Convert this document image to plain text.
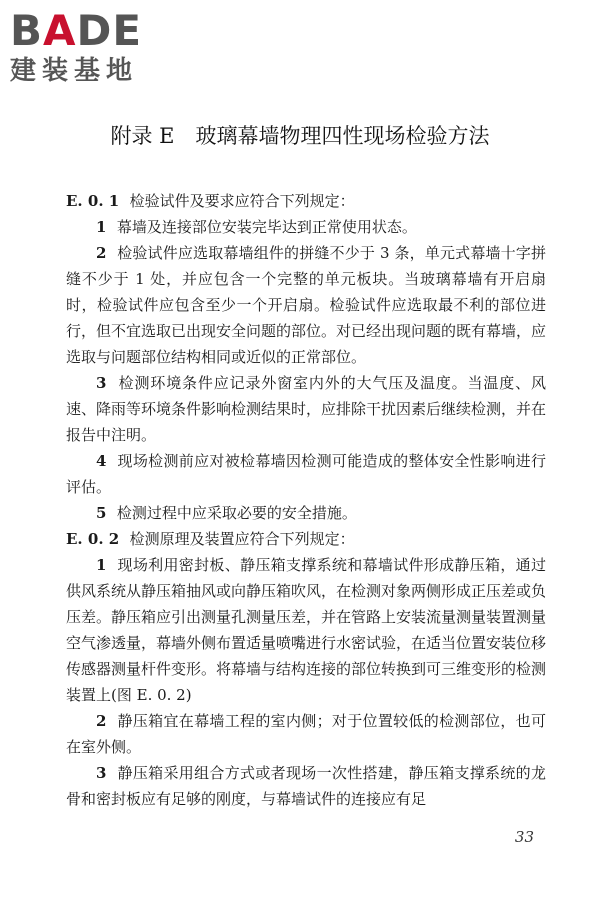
BADE
建装基地
附录 E　玻璃幕墙物理四性现场检验方法

E. 0. 1 检验试件及要求应符合下列规定：

1 幕墙及连接部位安装完毕达到正常使用状态。

2 检验试件应选取幕墙组件的拼缝不少于 3 条，单元式幕墙十字拼缝不少于 1 处，并应包含一个完整的单元板块。当玻璃幕墙有开启扇时，检验试件应包含至少一个开启扇。检验试件应选取最不利的部位进行，但不宜选取已出现安全问题的部位。对已经出现问题的既有幕墙，应选取与问题部位结构相同或近似的正常部位。

3 检测环境条件应记录外窗室内外的大气压及温度。当温度、风速、降雨等环境条件影响检测结果时，应排除干扰因素后继续检测，并在报告中注明。

4 现场检测前应对被检幕墙因检测可能造成的整体安全性影响进行评估。

5 检测过程中应采取必要的安全措施。

E. 0. 2 检测原理及装置应符合下列规定：

1 现场利用密封板、静压箱支撑系统和幕墙试件形成静压箱，通过供风系统从静压箱抽风或向静压箱吹风，在检测对象两侧形成正压差或负压差。静压箱应引出测量孔测量压差，并在管路上安装流量测量装置测量空气渗透量，幕墙外侧布置适量喷嘴进行水密试验，在适当位置安装位移传感器测量杆件变形。将幕墙与结构连接的部位转换到可三维变形的检测装置上(图 E. 0. 2)

2 静压箱宜在幕墙工程的室内侧；对于位置较低的检测部位，也可在室外侧。

3 静压箱采用组合方式或者现场一次性搭建，静压箱支撑系统的龙骨和密封板应有足够的刚度，与幕墙试件的连接应有足

33
